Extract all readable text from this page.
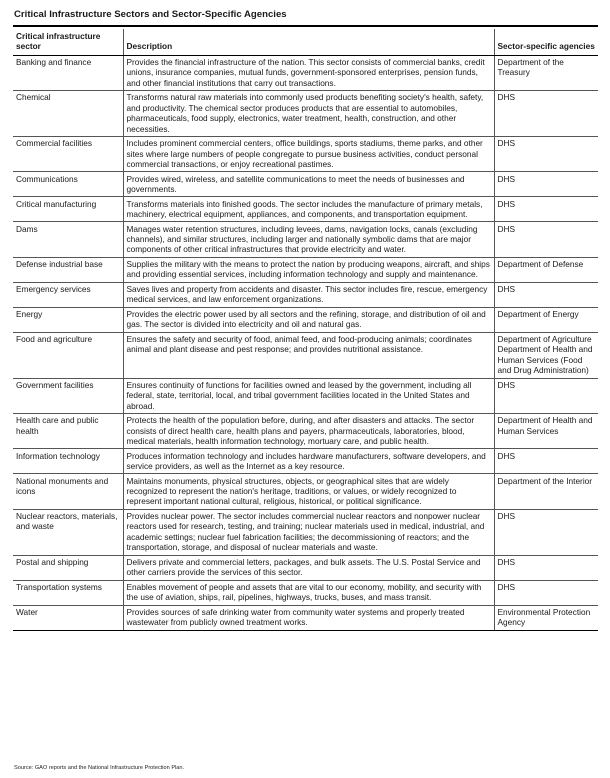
Critical Infrastructure Sectors and Sector-Specific Agencies
Critical infrastructure sector	Description	Sector-specific agencies
Banking and finance	Provides the financial infrastructure of the nation. This sector consists of commercial banks, credit unions, insurance companies, mutual funds, government-sponsored enterprises, pension funds, and other financial institutions that carry out transactions.	Department of the Treasury
Chemical	Transforms natural raw materials into commonly used products benefiting society's health, safety, and productivity. The chemical sector produces products that are essential to automobiles, pharmaceuticals, food supply, electronics, water treatment, health, construction, and other necessities.	DHS
Commercial facilities	Includes prominent commercial centers, office buildings, sports stadiums, theme parks, and other sites where large numbers of people congregate to pursue business activities, conduct personal commercial transactions, or enjoy recreational pastimes.	DHS
Communications	Provides wired, wireless, and satellite communications to meet the needs of businesses and governments.	DHS
Critical manufacturing	Transforms materials into finished goods. The sector includes the manufacture of primary metals, machinery, electrical equipment, appliances, and components, and transportation equipment.	DHS
Dams	Manages water retention structures, including levees, dams, navigation locks, canals (excluding channels), and similar structures, including larger and nationally symbolic dams that are major components of other critical infrastructures that provide electricity and water.	DHS
Defense industrial base	Supplies the military with the means to protect the nation by producing weapons, aircraft, and ships and providing essential services, including information technology and supply and maintenance.	Department of Defense
Emergency services	Saves lives and property from accidents and disaster. This sector includes fire, rescue, emergency medical services, and law enforcement organizations.	DHS
Energy	Provides the electric power used by all sectors and the refining, storage, and distribution of oil and gas. The sector is divided into electricity and oil and natural gas.	Department of Energy
Food and agriculture	Ensures the safety and security of food, animal feed, and food-producing animals; coordinates animal and plant disease and pest response; and provides nutritional assistance.	Department of Agriculture Department of Health and Human Services (Food and Drug Administration)
Government facilities	Ensures continuity of functions for facilities owned and leased by the government, including all federal, state, territorial, local, and tribal government facilities located in the United States and abroad.	DHS
Health care and public health	Protects the health of the population before, during, and after disasters and attacks. The sector consists of direct health care, health plans and payers, pharmaceuticals, laboratories, blood, medical materials, health information technology, mortuary care, and public health.	Department of Health and Human Services
Information technology	Produces information technology and includes hardware manufacturers, software developers, and service providers, as well as the Internet as a key resource.	DHS
National monuments and icons	Maintains monuments, physical structures, objects, or geographical sites that are widely recognized to represent the nation's heritage, traditions, or values, or widely recognized to represent important national cultural, religious, historical, or political significance.	Department of the Interior
Nuclear reactors, materials, and waste	Provides nuclear power. The sector includes commercial nuclear reactors and nonpower nuclear reactors used for research, testing, and training; nuclear materials used in medical, industrial, and academic settings; nuclear fuel fabrication facilities; the decommissioning of reactors; and the transportation, storage, and disposal of nuclear materials and waste.	DHS
Postal and shipping	Delivers private and commercial letters, packages, and bulk assets. The U.S. Postal Service and other carriers provide the services of this sector.	DHS
Transportation systems	Enables movement of people and assets that are vital to our economy, mobility, and security with the use of aviation, ships, rail, pipelines, highways, trucks, buses, and mass transit.	DHS
Water	Provides sources of safe drinking water from community water systems and properly treated wastewater from publicly owned treatment works.	Environmental Protection Agency
Source: GAO reports and the National Infrastructure Protection Plan.
